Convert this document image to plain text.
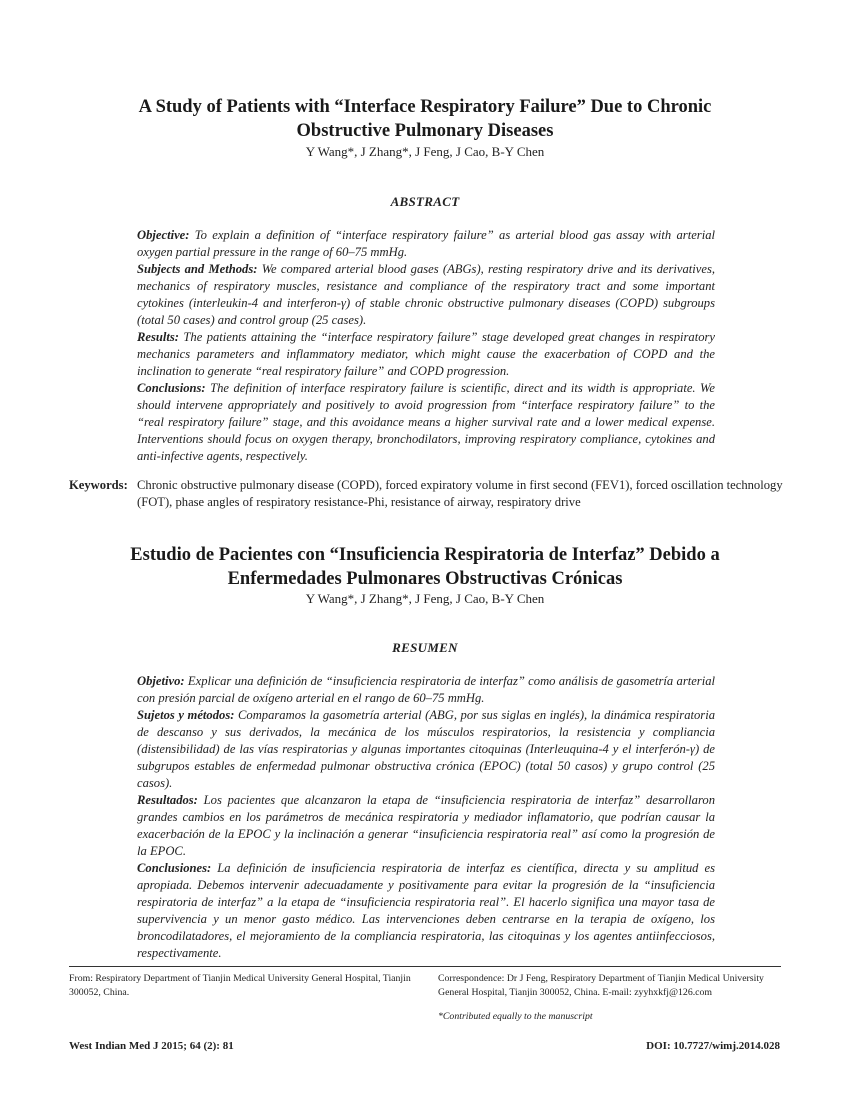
A Study of Patients with “Interface Respiratory Failure” Due to Chronic
Obstructive Pulmonary Diseases
Y Wang*, J Zhang*, J Feng, J Cao, B-Y Chen
ABSTRACT

Objective: To explain a definition of “interface respiratory failure” as arterial blood gas assay with arterial oxygen partial pressure in the range of 60–75 mmHg.

Subjects and Methods: We compared arterial blood gases (ABGs), resting respiratory drive and its derivatives, mechanics of respiratory muscles, resistance and compliance of the respiratory tract and some important cytokines (interleukin-4 and interferon-γ) of stable chronic obstructive pulmonary diseases (COPD) subgroups (total 50 cases) and control group (25 cases).

Results: The patients attaining the “interface respiratory failure” stage developed great changes in respiratory mechanics parameters and inflammatory mediator, which might cause the exacerbation of COPD and the inclination to generate “real respiratory failure” and COPD progression.

Conclusions: The definition of interface respiratory failure is scientific, direct and its width is appropriate. We should intervene appropriately and positively to avoid progression from “interface respiratory failure” to the “real respiratory failure” stage, and this avoidance means a higher survival rate and a lower medical expense. Interventions should focus on oxygen therapy, bronchodilators, improving respiratory compliance, cytokines and anti-infective agents, respectively.

Keywords: Chronic obstructive pulmonary disease (COPD), forced expiratory volume in first second (FEV1), forced oscillation technology (FOT), phase angles of respiratory resistance-Phi, resistance of airway, respiratory drive
Estudio de Pacientes con “Insuficiencia Respiratoria de Interfaz” Debido a
Enfermedades Pulmonares Obstructivas Crónicas
Y Wang*, J Zhang*, J Feng, J Cao, B-Y Chen
RESUMEN

Objetivo: Explicar una definición de “insuficiencia respiratoria de interfaz” como análisis de gasometría arterial con presión parcial de oxígeno arterial en el rango de 60–75 mmHg.

Sujetos y métodos: Comparamos la gasometría arterial (ABG, por sus siglas en inglés), la dinámica respiratoria de descanso y sus derivados, la mecánica de los músculos respiratorios, la resistencia y compliancia (distensibilidad) de las vías respiratorias y algunas importantes citoquinas (Interleuquina-4 y el interferón-γ) de subgrupos estables de enfermedad pulmonar obstructiva crónica (EPOC) (total 50 casos) y grupo control (25 casos).

Resultados: Los pacientes que alcanzaron la etapa de “insuficiencia respiratoria de interfaz” desarrollaron grandes cambios en los parámetros de mecánica respiratoria y mediador inflamatorio, que podrían causar la exacerbación de la EPOC y la inclinación a generar “insuficiencia respiratoria real” así como la progresión de la EPOC.

Conclusiones: La definición de insuficiencia respiratoria de interfaz es científica, directa y su amplitud es apropiada. Debemos intervenir adecuadamente y positivamente para evitar la progresión de la “insuficiencia respiratoria de interfaz” a la etapa de “insuficiencia respiratoria real”. El hacerlo significa una mayor tasa de supervivencia y un menor gasto médico. Las intervenciones deben centrarse en la terapia de oxígeno, los broncodilatadores, el mejoramiento de la compliancia respiratoria, las citoquinas y los agentes antiinfecciosos, respectivamente.

From: Respiratory Department of Tianjin Medical University General Hospital, Tianjin 300052, China.
Correspondence: Dr J Feng, Respiratory Department of Tianjin Medical University General Hospital, Tianjin 300052, China. E-mail: zyyhxkfj@126.com
*Contributed equally to the manuscript
West Indian Med J 2015; 64 (2): 81	DOI: 10.7727/wimj.2014.028
